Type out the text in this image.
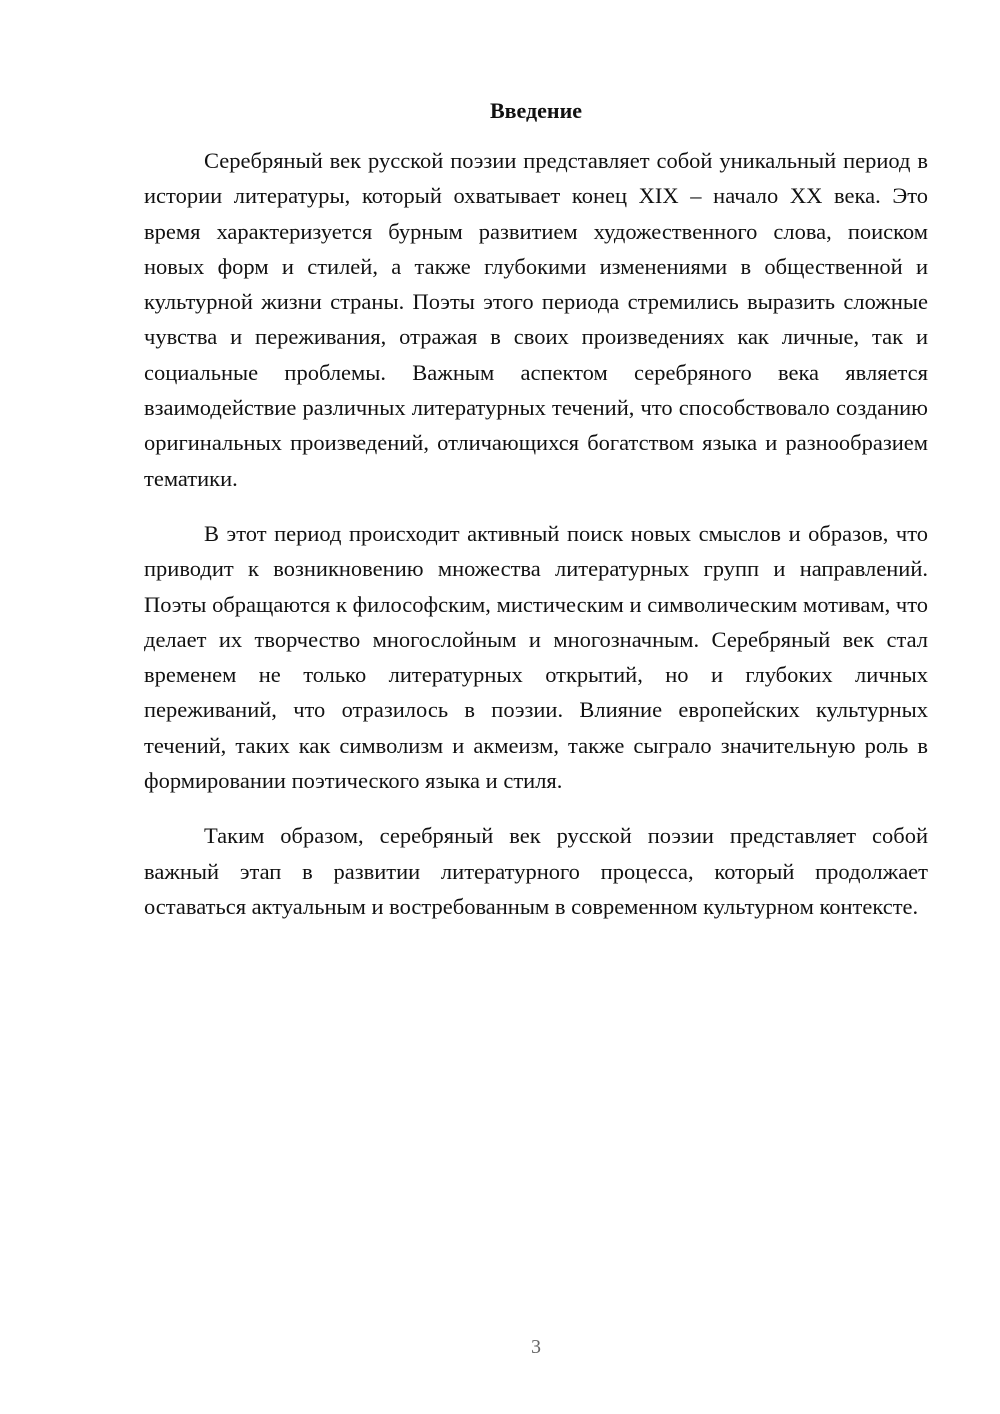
Введение

Серебряный век русской поэзии представляет собой уникальный период в истории литературы, который охватывает конец XIX – начало XX века. Это время характеризуется бурным развитием художественного слова, поиском новых форм и стилей, а также глубокими изменениями в общественной и культурной жизни страны. Поэты этого периода стремились выразить сложные чувства и переживания, отражая в своих произведениях как личные, так и социальные проблемы. Важным аспектом серебряного века является взаимодействие различных литературных течений, что способствовало созданию оригинальных произведений, отличающихся богатством языка и разнообразием тематики.

В этот период происходит активный поиск новых смыслов и образов, что приводит к возникновению множества литературных групп и направлений. Поэты обращаются к философским, мистическим и символическим мотивам, что делает их творчество многослойным и многозначным. Серебряный век стал временем не только литературных открытий, но и глубоких личных переживаний, что отразилось в поэзии. Влияние европейских культурных течений, таких как символизм и акмеизм, также сыграло значительную роль в формировании поэтического языка и стиля.

Таким образом, серебряный век русской поэзии представляет собой важный этап в развитии литературного процесса, который продолжает оставаться актуальным и востребованным в современном культурном контексте.

3
